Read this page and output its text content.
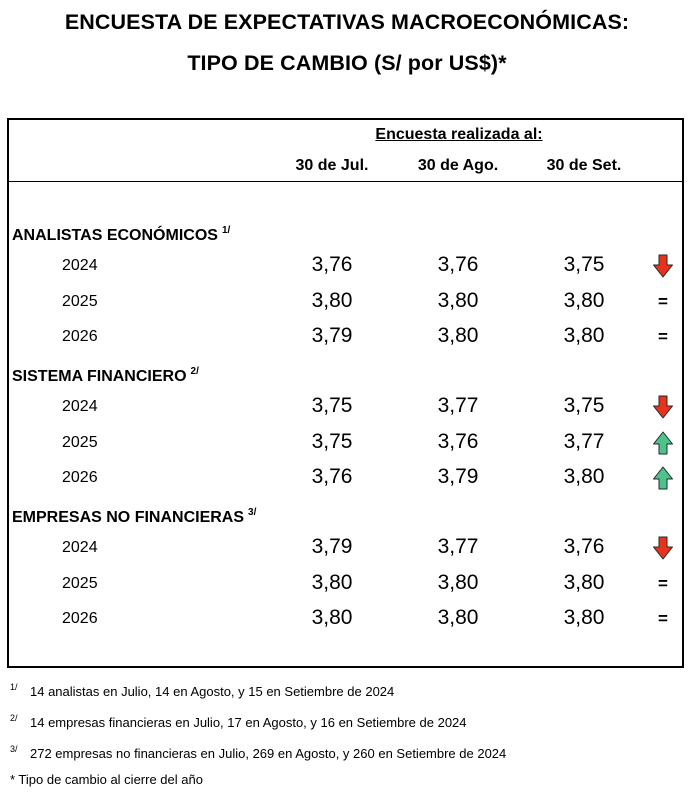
ENCUESTA DE EXPECTATIVAS MACROECONÓMICAS:
TIPO DE CAMBIO (S/ por US$)*
Encuesta realizada al:
30 de Jul.	30 de Ago.	30 de Set.
ANALISTAS ECONÓMICOS $^{1/}$
2024	3,76	3,76	3,75
2025	3,80	3,80	3,80	=
2026	3,79	3,80	3,80	=
SISTEMA FINANCIERO $^{2/}$
2024	3,75	3,77	3,75
2025	3,75	3,76	3,77
2026	3,76	3,79	3,80
EMPRESAS NO FINANCIERAS $^{3/}$
2024	3,79	3,77	3,76
2025	3,80	3,80	3,80	=
2026	3,80	3,80	3,80	=
$^{1/}$ 14 analistas en Julio, 14 en Agosto, y 15 en Setiembre de 2024
$^{2/}$ 14 empresas financieras en Julio, 17 en Agosto, y 16 en Setiembre de 2024
$^{3/}$ 272 empresas no financieras en Julio, 269 en Agosto, y 260 en Setiembre de 2024
* Tipo de cambio al cierre del año
